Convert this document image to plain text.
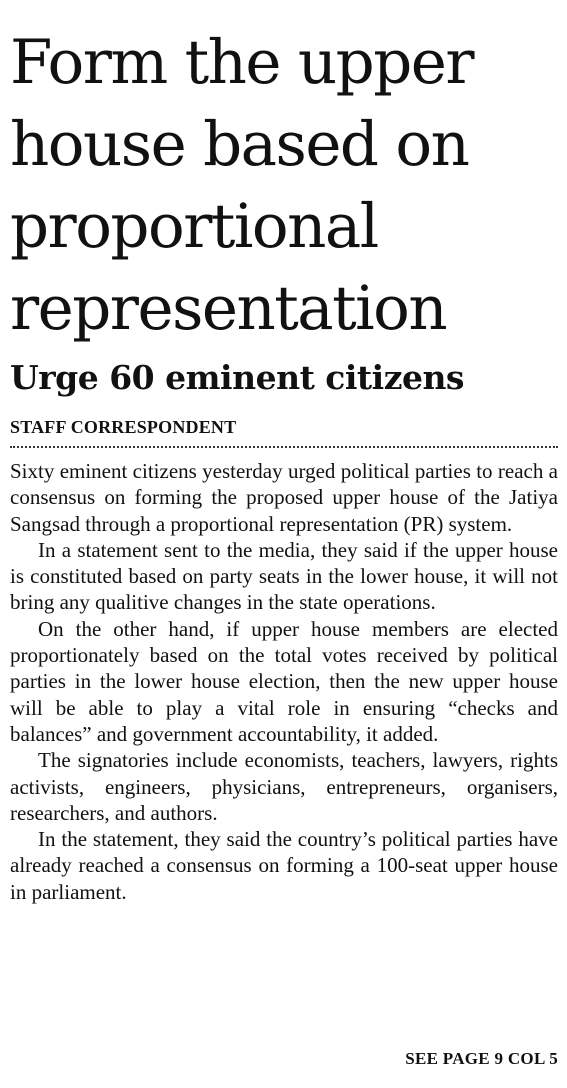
Form the upper
house based on
proportional
representation
Urge 60 eminent citizens
STAFF CORRESPONDENT

Sixty eminent citizens yesterday urged political parties to reach a consensus on forming the proposed upper house of the Jatiya Sangsad through a proportional representation (PR) system.

In a statement sent to the media, they said if the upper house is constituted based on party seats in the lower house, it will not bring any qualitive changes in the state operations.

On the other hand, if upper house members are elected proportionately based on the total votes received by political parties in the lower house election, then the new upper house will be able to play a vital role in ensuring “checks and balances” and government accountability, it added.

The signatories include economists, teachers, lawyers, rights activists, engineers, physicians, entrepreneurs, organisers, researchers, and authors.

In the statement, they said the country’s political parties have already reached a consensus on forming a 100-seat upper house in parliament.

SEE PAGE 9 COL 5
